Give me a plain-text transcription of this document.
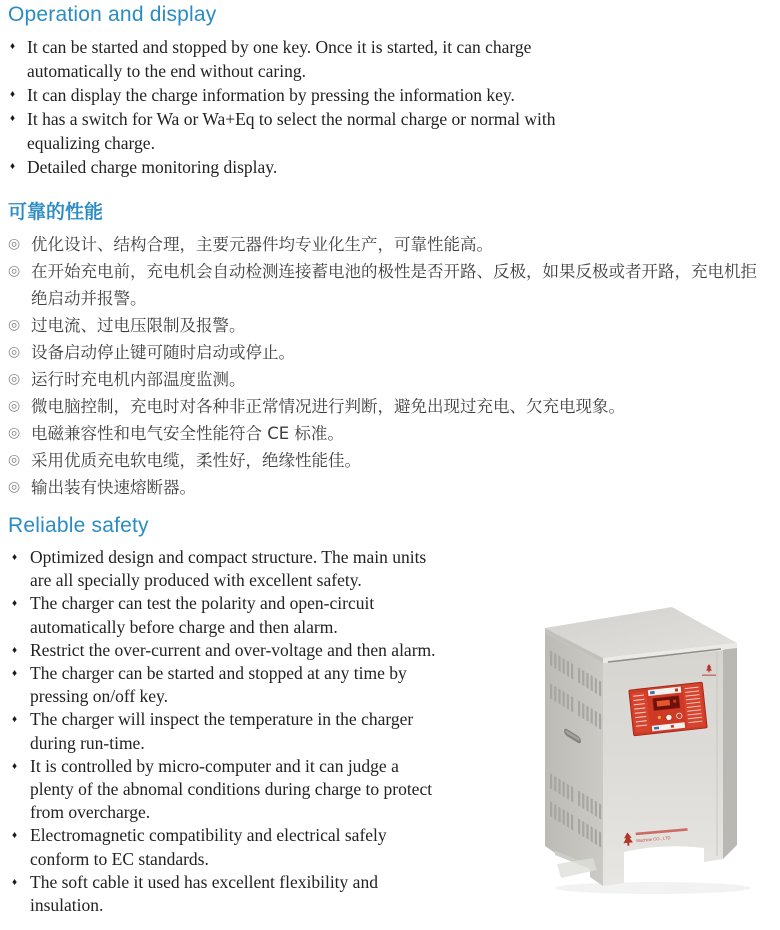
Operation and display
♦ It can be started and stopped by one key. Once it is started, it can charge
automatically to the end without caring.
♦ It can display the charge information by pressing the information key.
♦ It has a switch for Wa or Wa+Eq to select the normal charge or normal with
equalizing charge.
♦ Detailed charge monitoring display.
可靠的性能
◎ 优化设计、结构合理，主要元器件均专业化生产，可靠性能高。
◎ 在开始充电前，充电机会自动检测连接蓄电池的极性是否开路、反极，如果反极或者开路，充电机拒
绝启动并报警。
◎ 过电流、过电压限制及报警。
◎ 设备启动停止键可随时启动或停止。
◎ 运行时充电机内部温度监测。
◎ 微电脑控制，充电时对各种非正常情况进行判断，避免出现过充电、欠充电现象。
◎ 电磁兼容性和电气安全性能符合 CE 标准。
◎ 采用优质充电软电缆，柔性好，绝缘性能佳。
◎ 输出装有快速熔断器。
Reliable safety
♦ Optimized design and compact structure. The main units
are all specially produced with excellent safety.
♦ The charger can test the polarity and open-circuit
automatically before charge and then alarm.
♦ Restrict the over-current and over-voltage and then alarm.
♦ The charger can be started and stopped at any time by
pressing on/off key.
♦ The charger will inspect the temperature in the charger
during run-time.
♦ It is controlled by micro-computer and it can judge a
plenty of the abnomal conditions during charge to protect
from overcharge.
♦ Electromagnetic compatibility and electrical safely
conform to EC standards.
♦ The soft cable it used has excellent flexibility and
insulation.
Machine CO., LTD
